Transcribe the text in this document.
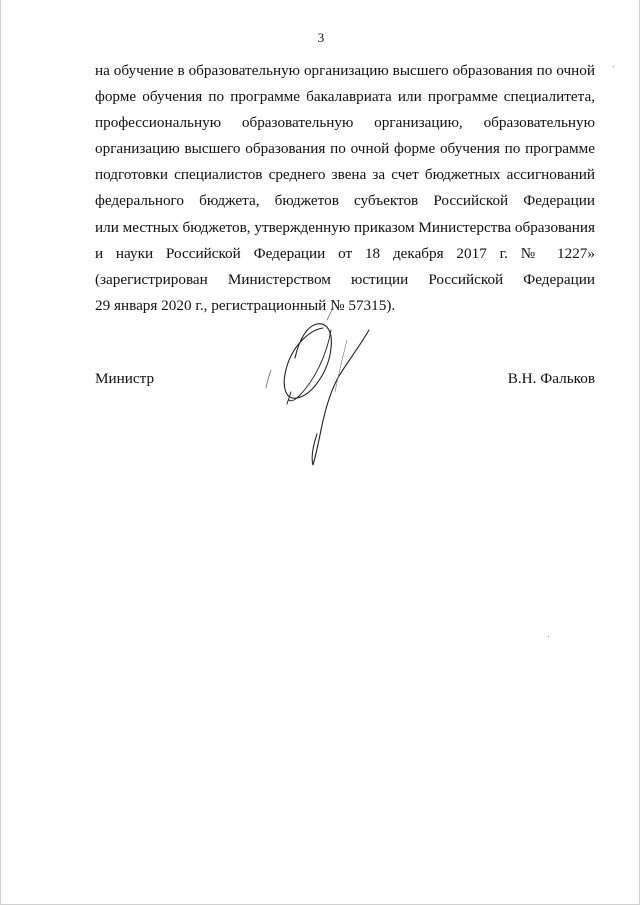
3

на обучение в образовательную организацию высшего образования по очной
форме обучения по программе бакалавриата или программе специалитета,
профессиональную образовательную организацию, образовательную
организацию высшего образования по очной форме обучения по программе
подготовки специалистов среднего звена за счет бюджетных ассигнований
федерального бюджета, бюджетов субъектов Российской Федерации
или местных бюджетов, утвержденную приказом Министерства образования
и науки Российской Федерации от 18 декабря 2017 г. № 1227»
(зарегистрирован Министерством юстиции Российской Федерации
29 января 2020 г., регистрационный № 57315).

Министр	В.Н. Фальков
